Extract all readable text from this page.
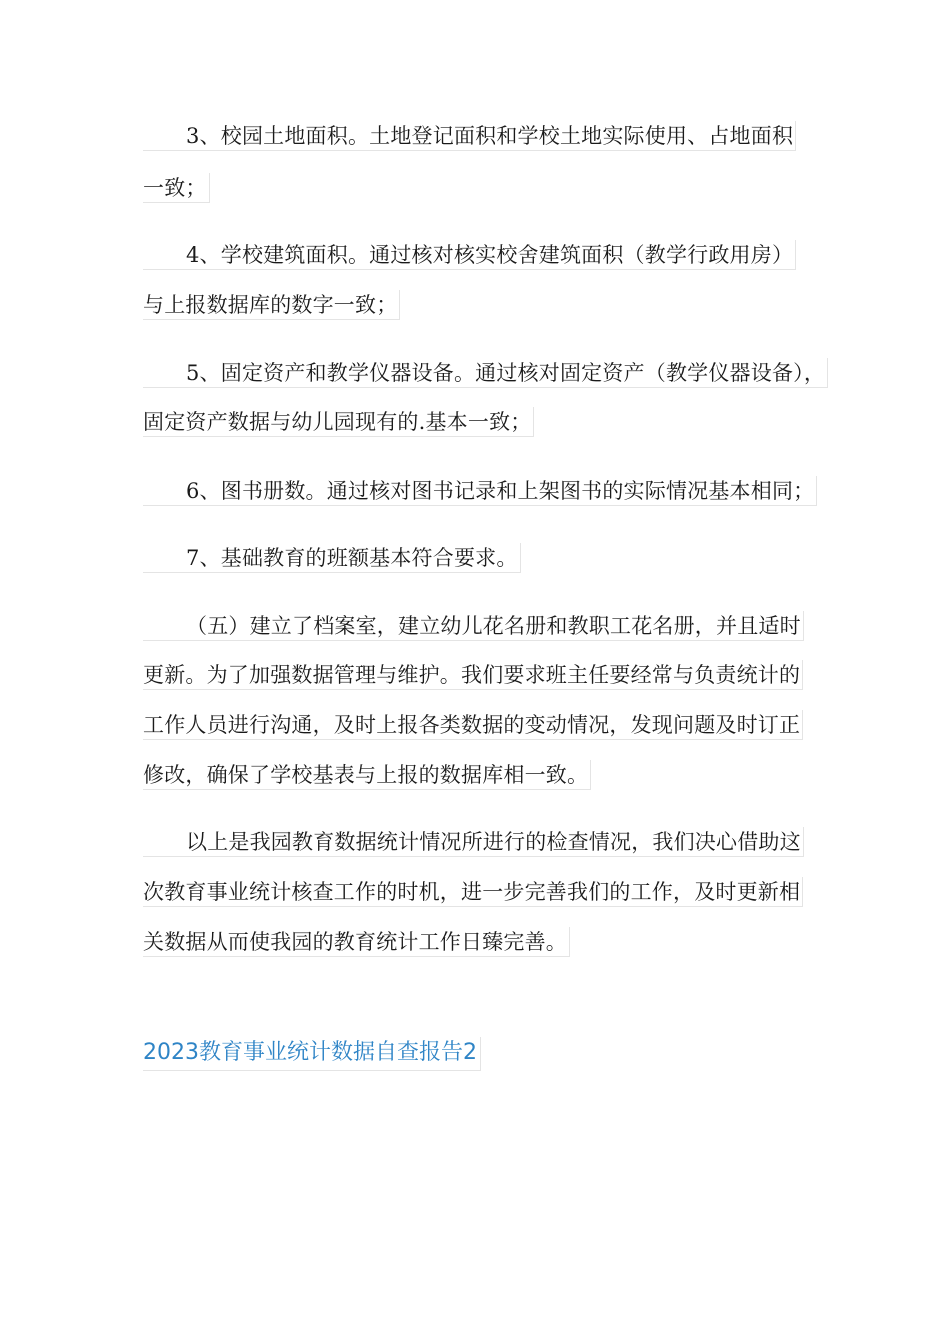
3、校园土地面积。土地登记面积和学校土地实际使用、占地面积
一致；
4、学校建筑面积。通过核对核实校舍建筑面积（教学行政用房）
与上报数据库的数字一致；
5、固定资产和教学仪器设备。通过核对固定资产（教学仪器设备），
固定资产数据与幼儿园现有的.基本一致；
6、图书册数。通过核对图书记录和上架图书的实际情况基本相同；
7、基础教育的班额基本符合要求。
（五）建立了档案室，建立幼儿花名册和教职工花名册，并且适时
更新。为了加强数据管理与维护。我们要求班主任要经常与负责统计的
工作人员进行沟通，及时上报各类数据的变动情况，发现问题及时订正
修改，确保了学校基表与上报的数据库相一致。
以上是我园教育数据统计情况所进行的检查情况，我们决心借助这
次教育事业统计核查工作的时机，进一步完善我们的工作，及时更新相
关数据从而使我园的教育统计工作日臻完善。
2023教育事业统计数据自查报告2
